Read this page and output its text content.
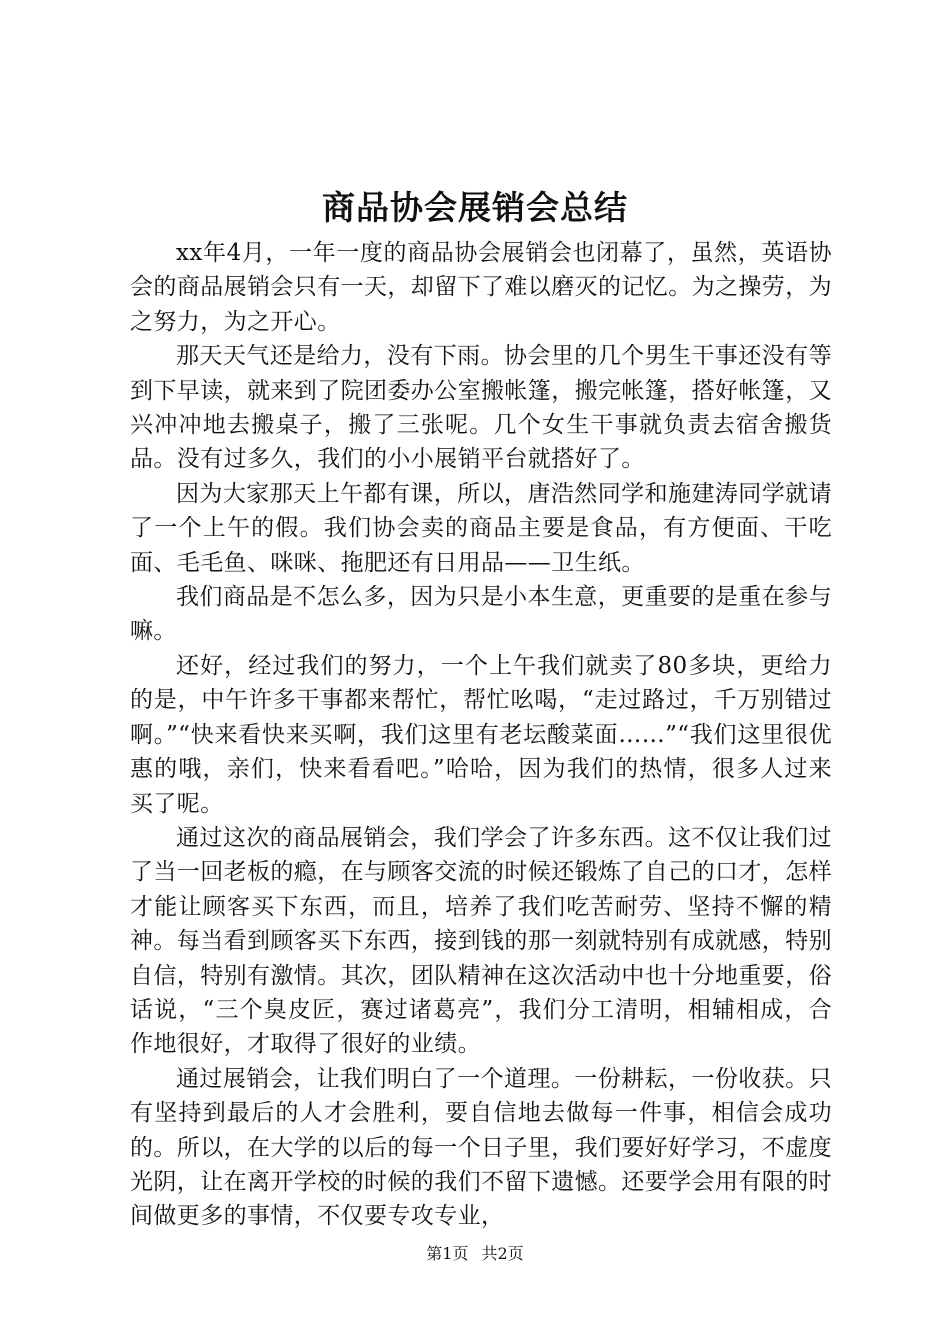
商品协会展销会总结

xx年4月，一年一度的商品协会展销会也闭幕了，虽然，英语协会的商品展销会只有一天，却留下了难以磨灭的记忆。为之操劳，为之努力，为之开心。

那天天气还是给力，没有下雨。协会里的几个男生干事还没有等到下早读，就来到了院团委办公室搬帐篷，搬完帐篷，搭好帐篷，又兴冲冲地去搬桌子，搬了三张呢。几个女生干事就负责去宿舍搬货品。没有过多久，我们的小小展销平台就搭好了。

因为大家那天上午都有课，所以，唐浩然同学和施建涛同学就请了一个上午的假。我们协会卖的商品主要是食品，有方便面、干吃面、毛毛鱼、咪咪、拖肥还有日用品——卫生纸。

我们商品是不怎么多，因为只是小本生意，更重要的是重在参与嘛。

还好，经过我们的努力，一个上午我们就卖了80多块，更给力的是，中午许多干事都来帮忙，帮忙吆喝，“走过路过，千万别错过啊。”“快来看快来买啊，我们这里有老坛酸菜面……”“我们这里很优惠的哦，亲们，快来看看吧。”哈哈，因为我们的热情，很多人过来买了呢。

通过这次的商品展销会，我们学会了许多东西。这不仅让我们过了当一回老板的瘾，在与顾客交流的时候还锻炼了自己的口才，怎样才能让顾客买下东西，而且，培养了我们吃苦耐劳、坚持不懈的精神。每当看到顾客买下东西，接到钱的那一刻就特别有成就感，特别自信，特别有激情。其次，团队精神在这次活动中也十分地重要，俗话说，“三个臭皮匠，赛过诸葛亮”，我们分工清明，相辅相成，合作地很好，才取得了很好的业绩。

通过展销会，让我们明白了一个道理。一份耕耘，一份收获。只有坚持到最后的人才会胜利，要自信地去做每一件事，相信会成功的。所以，在大学的以后的每一个日子里，我们要好好学习，不虚度光阴，让在离开学校的时候的我们不留下遗憾。还要学会用有限的时间做更多的事情，不仅要专攻专业，

第1页 共2页
